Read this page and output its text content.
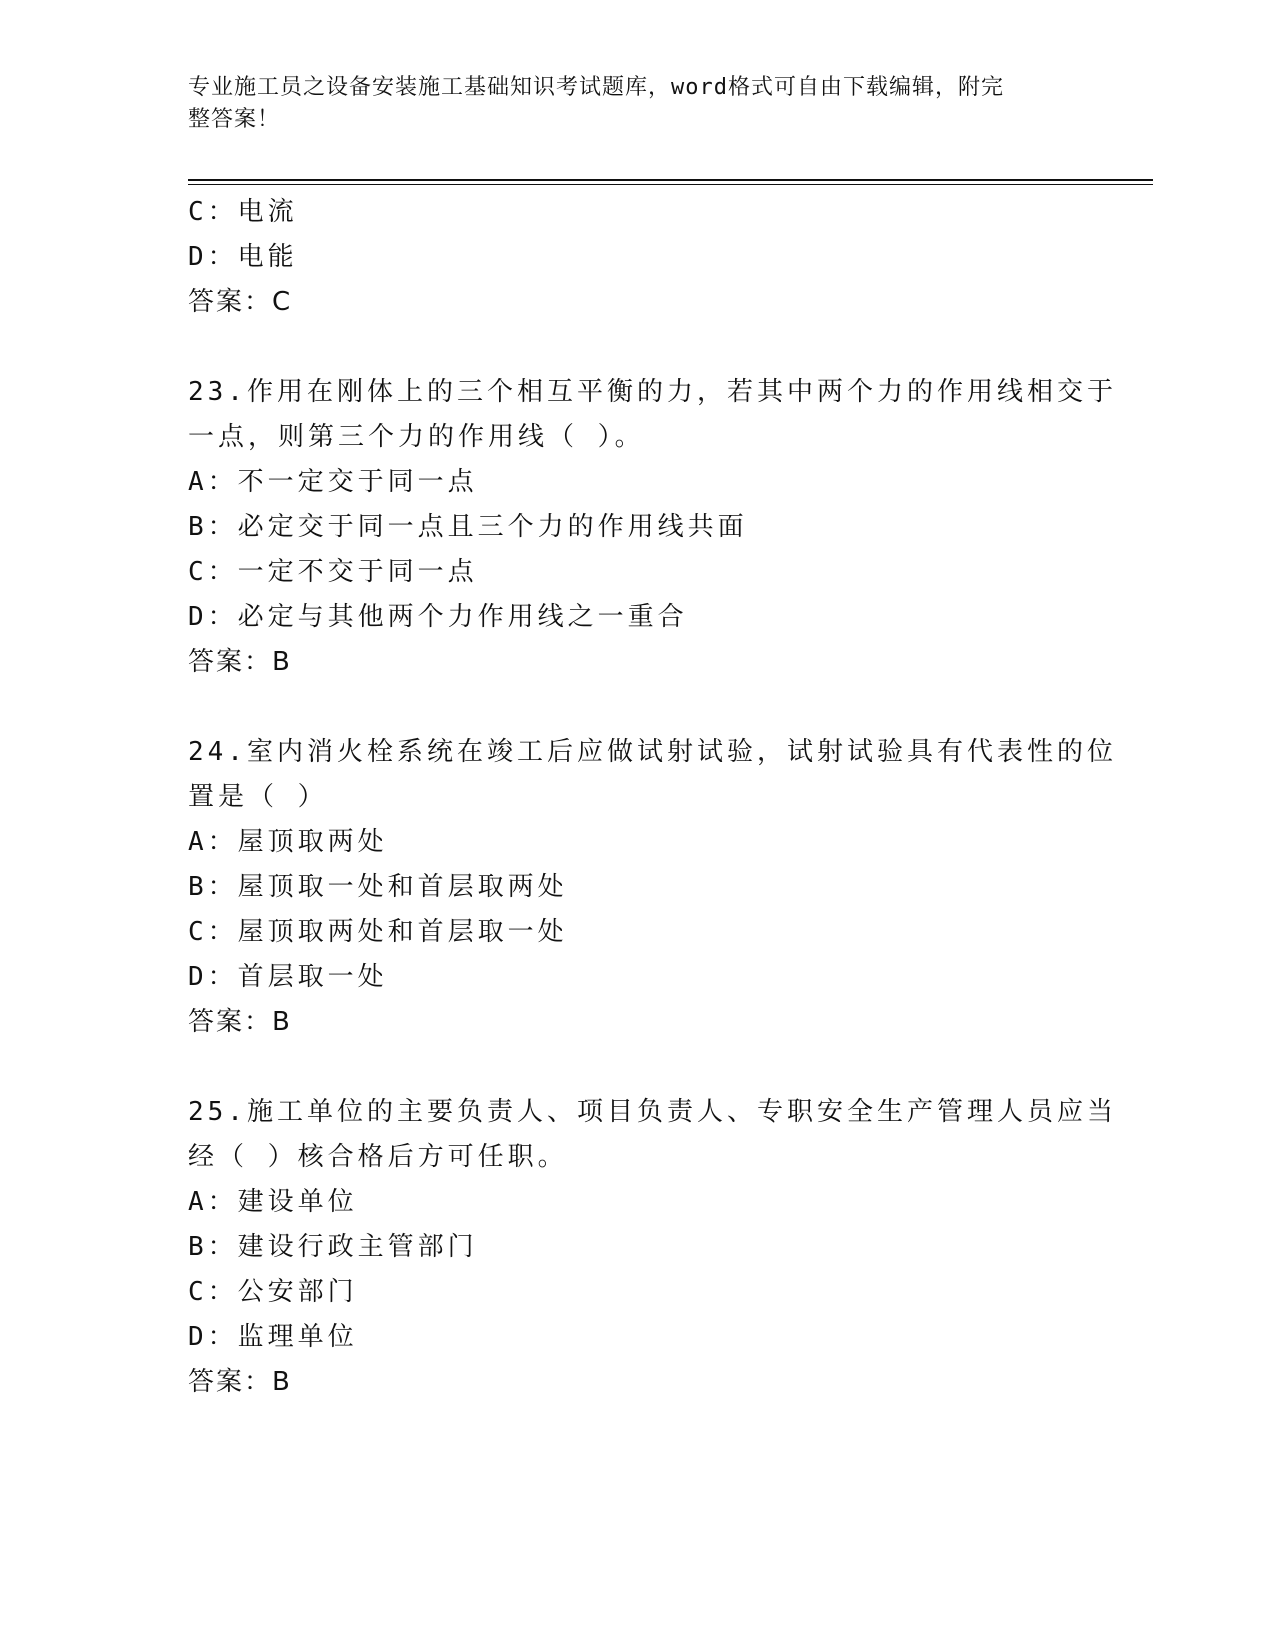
专业施工员之设备安装施工基础知识考试题库，word格式可自由下载编辑，附完
整答案！
C：电流
D：电能
答案：C
23.作用在刚体上的三个相互平衡的力，若其中两个力的作用线相交于
一点，则第三个力的作用线（ ）。
A：不一定交于同一点
B：必定交于同一点且三个力的作用线共面
C：一定不交于同一点
D：必定与其他两个力作用线之一重合
答案：B
24.室内消火栓系统在竣工后应做试射试验，试射试验具有代表性的位
置是（ ）
A：屋顶取两处
B：屋顶取一处和首层取两处
C：屋顶取两处和首层取一处
D：首层取一处
答案：B
25.施工单位的主要负责人、项目负责人、专职安全生产管理人员应当
经（ ）核合格后方可任职。
A：建设单位
B：建设行政主管部门
C：公安部门
D：监理单位
答案：B
